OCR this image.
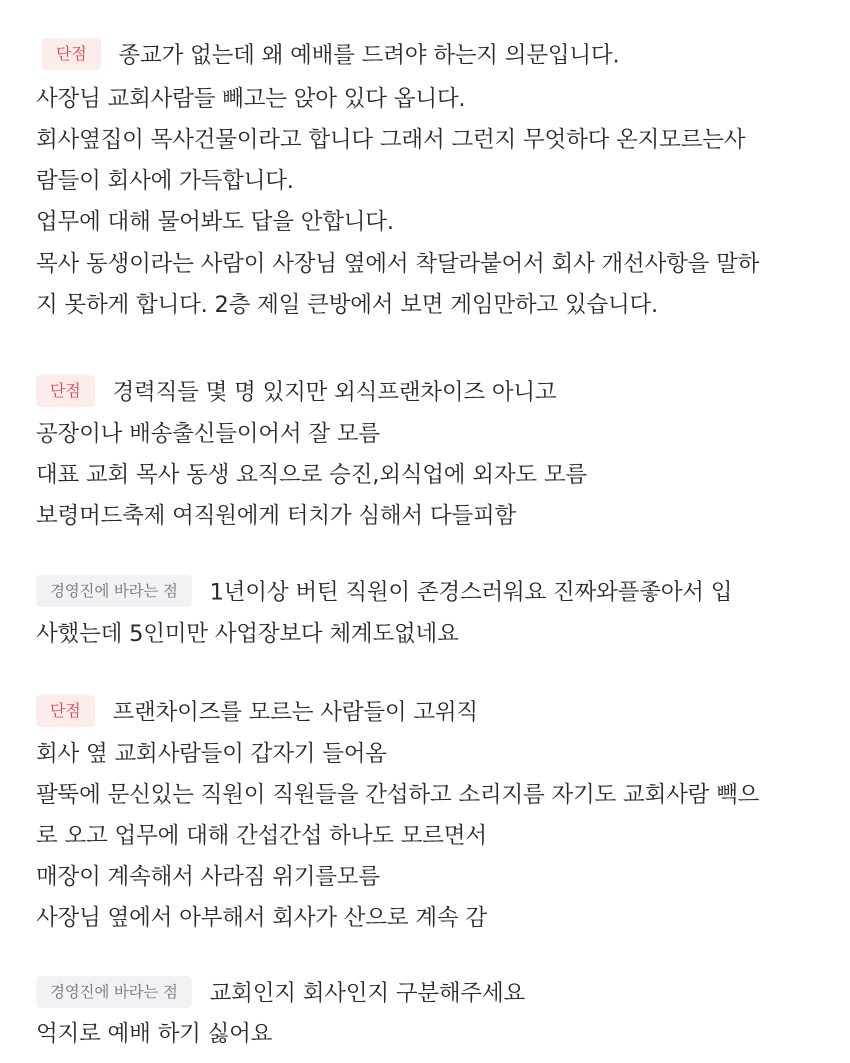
단점 종교가 없는데 왜 예배를 드려야 하는지 의문입니다.
사장님 교회사람들 빼고는 앉아 있다 옵니다.
회사옆집이 목사건물이라고 합니다 그래서 그런지 무엇하다 온지모르는사
람들이 회사에 가득합니다.
업무에 대해 물어봐도 답을 안합니다.
목사 동생이라는 사람이 사장님 옆에서 착달라붙어서 회사 개선사항을 말하
지 못하게 합니다. 2층 제일 큰방에서 보면 게임만하고 있습니다.
단점 경력직들 몇 명 있지만 외식프랜차이즈 아니고
공장이나 배송출신들이어서 잘 모름
대표 교회 목사 동생 요직으로 승진,외식업에 외자도 모름
보령머드축제 여직원에게 터치가 심해서 다들피함
경영진에 바라는 점 1년이상 버틴 직원이 존경스러워요 진짜와플좋아서 입
사했는데 5인미만 사업장보다 체계도없네요
단점 프랜차이즈를 모르는 사람들이 고위직
회사 옆 교회사람들이 갑자기 들어옴
팔뚝에 문신있는 직원이 직원들을 간섭하고 소리지름 자기도 교회사람 빽으
로 오고 업무에 대해 간섭간섭 하나도 모르면서
매장이 계속해서 사라짐 위기를모름
사장님 옆에서 아부해서 회사가 산으로 계속 감
경영진에 바라는 점 교회인지 회사인지 구분해주세요
억지로 예배 하기 싫어요
